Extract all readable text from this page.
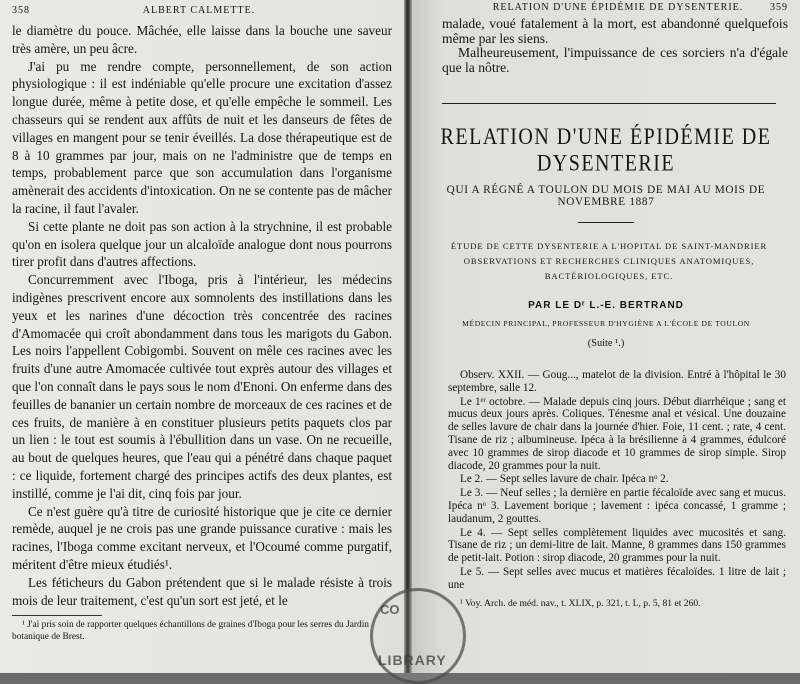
358	ALBERT CALMETTE.

le diamètre du pouce. Mâchée, elle laisse dans la bouche une saveur très amère, un peu âcre.

J'ai pu me rendre compte, personnellement, de son action physiologique : il est indéniable qu'elle procure une excitation d'assez longue durée, même à petite dose, et qu'elle empêche le sommeil. Les chasseurs qui se rendent aux affûts de nuit et les danseurs de fêtes de villages en mangent pour se tenir éveillés. La dose thérapeutique est de 8 à 10 grammes par jour, mais on ne l'administre que de temps en temps, probablement parce que son accumulation dans l'organisme amènerait des accidents d'intoxication. On ne se contente pas de mâcher la racine, il faut l'avaler.

Si cette plante ne doit pas son action à la strychnine, il est probable qu'on en isolera quelque jour un alcaloïde analogue dont nous pourrons tirer profit dans d'autres affections.

Concurremment avec l'Iboga, pris à l'intérieur, les médecins indigènes prescrivent encore aux somnolents des instillations dans les yeux et les narines d'une décoction très concentrée des racines d'Amomacée qui croît abondamment dans tous les marigots du Gabon. Les noirs l'appellent Cobigombi. Souvent on mêle ces racines avec les fruits d'une autre Amomacée cultivée tout exprès autour des villages et que l'on connaît dans le pays sous le nom d'Enoni. On enferme dans des feuilles de bananier un certain nombre de morceaux de ces racines et de ces fruits, de manière à en constituer plusieurs petits paquets clos par un lien : le tout est soumis à l'ébullition dans un vase. On ne recueille, au bout de quelques heures, que l'eau qui a pénétré dans chaque paquet : ce liquide, fortement chargé des principes actifs des deux plantes, est instillé, comme je l'ai dit, cinq fois par jour.

Ce n'est guère qu'à titre de curiosité historique que je cite ce dernier remède, auquel je ne crois pas une grande puissance curative : mais les racines, l'Iboga comme excitant nerveux, et l'Ocoumé comme purgatif, méritent d'être mieux étudiés¹.

Les féticheurs du Gabon prétendent que si le malade résiste à trois mois de leur traitement, c'est qu'un sort est jeté, et le

¹ J'ai pris soin de rapporter quelques échantillons de graines d'Iboga pour les serres du Jardin botanique de Brest.
RELATION D'UNE ÉPIDÉMIE DE DYSENTERIE.	359

malade, voué fatalement à la mort, est abandonné quelquefois même par les siens.

Malheureusement, l'impuissance de ces sorciers n'a d'égale que la nôtre.

RELATION D'UNE ÉPIDÉMIE DE DYSENTERIE
QUI A RÉGNÉ A TOULON DU MOIS DE MAI AU MOIS DE NOVEMBRE 1887
ÉTUDE DE CETTE DYSENTERIE A L'HOPITAL DE SAINT-MANDRIER OBSERVATIONS ET RECHERCHES CLINIQUES ANATOMIQUES, BACTÉRIOLOGIQUES, ETC.
PAR LE Dʳ L.-E. BERTRAND
MÉDECIN PRINCIPAL, PROFESSEUR D'HYGIÈNE A L'ÉCOLE DE TOULON
(Suite ¹.)

Observ. XXII. — Goug..., matelot de la division. Entré à l'hôpital le 30 septembre, salle 12.

Le 1ᵉʳ octobre. — Malade depuis cinq jours. Début diarrhéique ; sang et mucus deux jours après. Coliques. Ténesme anal et vésical. Une douzaine de selles lavure de chair dans la journée d'hier. Foie, 11 cent. ; rate, 4 cent. Tisane de riz ; albumineuse. Ipéca à la brésilienne à 4 grammes, édulcoré avec 10 grammes de sirop diacode et 10 grammes de sirop simple. Sirop diacode, 20 grammes pour la nuit.

Le 2. — Sept selles lavure de chair. Ipéca nᵒ 2.

Le 3. — Neuf selles ; la dernière en partie fécaloïde avec sang et mucus. Ipéca nᵒ 3. Lavement borique ; lavement : ipéca concassé, 1 gramme ; laudanum, 2 gouttes.

Le 4. — Sept selles complètement liquides avec mucosités et sang. Tisane de riz ; un demi-litre de lait. Manne, 8 grammes dans 150 grammes de petit-lait. Potion : sirop diacode, 20 grammes pour la nuit.

Le 5. — Sept selles avec mucus et matières fécaloïdes. 1 litre de lait ; une

¹ Voy. Arch. de méd. nav., t. XLIX, p. 321, t. L, p. 5, 81 et 260.
CO
LIBRARY
